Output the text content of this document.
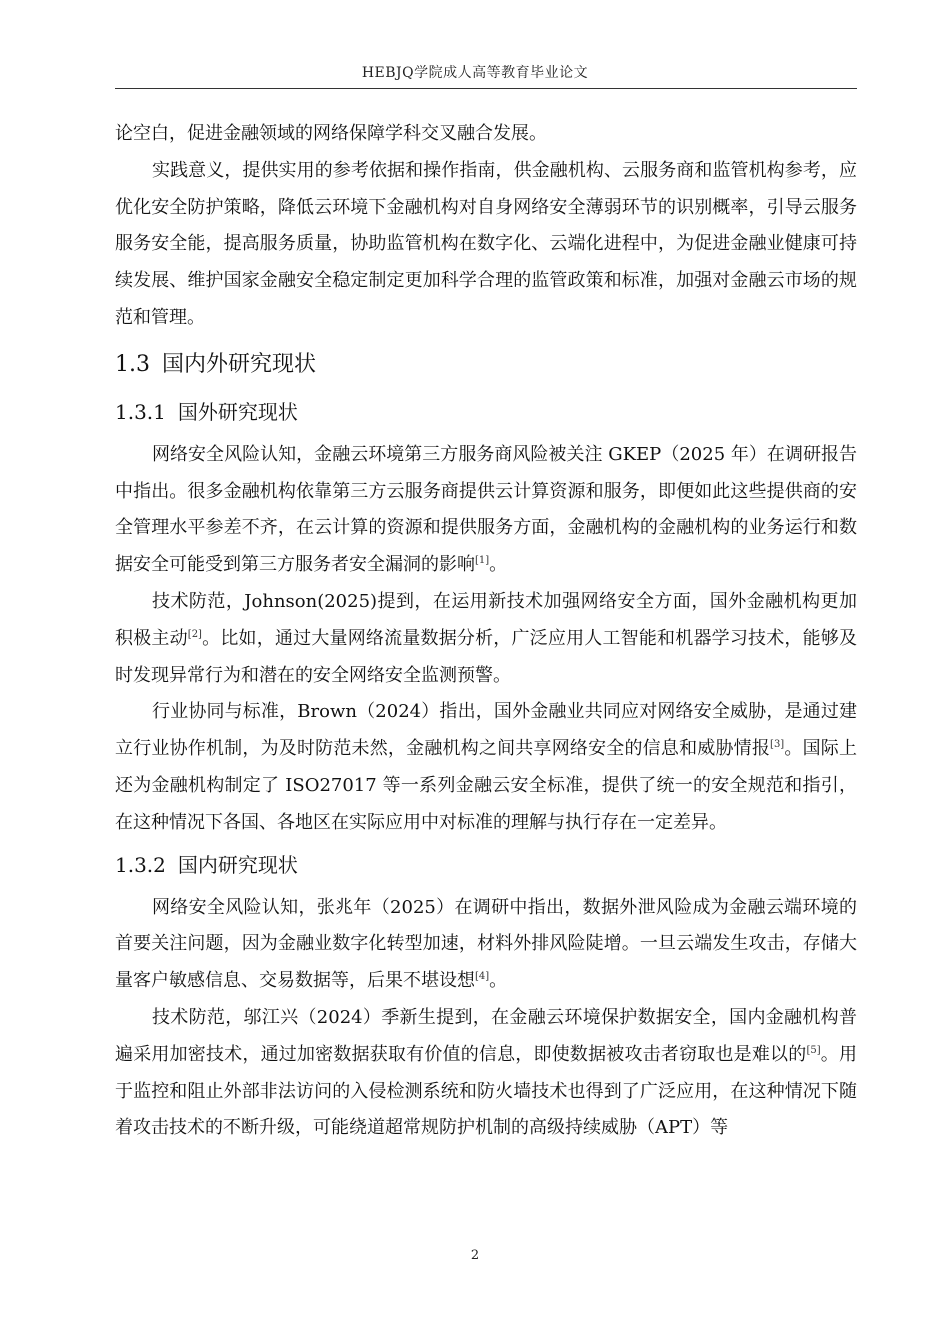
HEBJQ学院成人高等教育毕业论文

论空白，促进金融领域的网络保障学科交叉融合发展。

实践意义，提供实用的参考依据和操作指南，供金融机构、云服务商和监管机构参考，应优化安全防护策略，降低云环境下金融机构对自身网络安全薄弱环节的识别概率，引导云服务服务安全能，提高服务质量，协助监管机构在数字化、云端化进程中，为促进金融业健康可持续发展、维护国家金融安全稳定制定更加科学合理的监管政策和标准，加强对金融云市场的规范和管理。

1.3 国内外研究现状
1.3.1 国外研究现状

网络安全风险认知，金融云环境第三方服务商风险被关注 GKEP（2025 年）在调研报告中指出。很多金融机构依靠第三方云服务商提供云计算资源和服务，即便如此这些提供商的安全管理水平参差不齐，在云计算的资源和提供服务方面，金融机构的金融机构的业务运行和数据安全可能受到第三方服务者安全漏洞的影响[1]。

技术防范，Johnson(2025)提到，在运用新技术加强网络安全方面，国外金融机构更加积极主动[2]。比如，通过大量网络流量数据分析，广泛应用人工智能和机器学习技术，能够及时发现异常行为和潜在的安全网络安全监测预警。

行业协同与标准，Brown（2024）指出，国外金融业共同应对网络安全威胁，是通过建立行业协作机制，为及时防范未然，金融机构之间共享网络安全的信息和威胁情报[3]。国际上还为金融机构制定了 ISO27017 等一系列金融云安全标准，提供了统一的安全规范和指引，在这种情况下各国、各地区在实际应用中对标准的理解与执行存在一定差异。

1.3.2 国内研究现状

网络安全风险认知，张兆年（2025）在调研中指出，数据外泄风险成为金融云端环境的首要关注问题，因为金融业数字化转型加速，材料外排风险陡增。一旦云端发生攻击，存储大量客户敏感信息、交易数据等，后果不堪设想[4]。

技术防范，邬江兴（2024）季新生提到，在金融云环境保护数据安全，国内金融机构普遍采用加密技术，通过加密数据获取有价值的信息，即使数据被攻击者窃取也是难以的[5]。用于监控和阻止外部非法访问的入侵检测系统和防火墙技术也得到了广泛应用，在这种情况下随着攻击技术的不断升级，可能绕道超常规防护机制的高级持续威胁（APT）等

2
